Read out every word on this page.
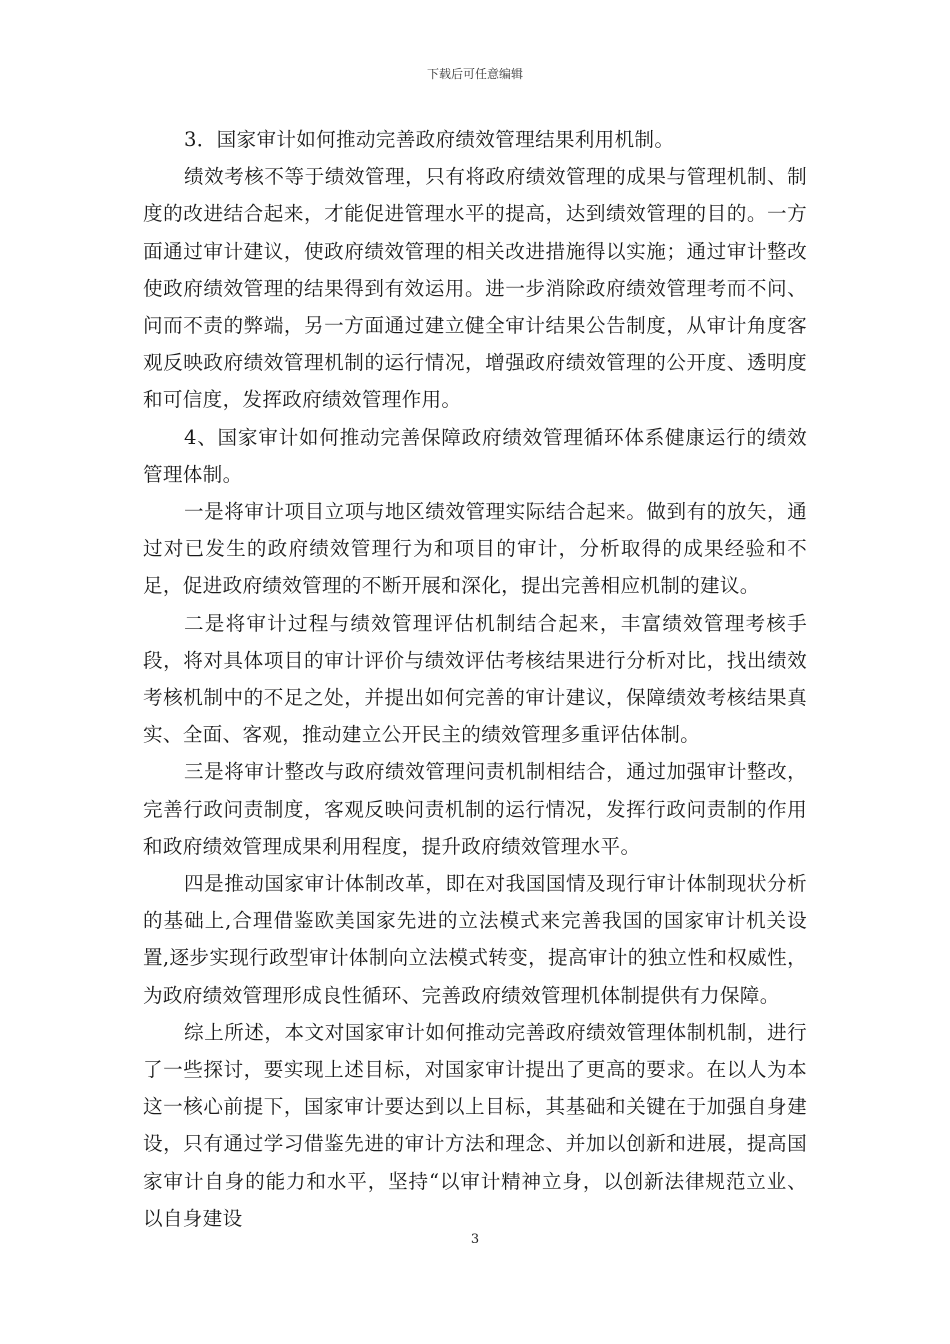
下载后可任意编辑

3．国家审计如何推动完善政府绩效管理结果利用机制。

绩效考核不等于绩效管理，只有将政府绩效管理的成果与管理机制、制度的改进结合起来，才能促进管理水平的提高，达到绩效管理的目的。一方面通过审计建议，使政府绩效管理的相关改进措施得以实施；通过审计整改使政府绩效管理的结果得到有效运用。进一步消除政府绩效管理考而不问、问而不责的弊端，另一方面通过建立健全审计结果公告制度，从审计角度客观反映政府绩效管理机制的运行情况，增强政府绩效管理的公开度、透明度和可信度，发挥政府绩效管理作用。

4、国家审计如何推动完善保障政府绩效管理循环体系健康运行的绩效管理体制。

一是将审计项目立项与地区绩效管理实际结合起来。做到有的放矢，通过对已发生的政府绩效管理行为和项目的审计，分析取得的成果经验和不足，促进政府绩效管理的不断开展和深化，提出完善相应机制的建议。

二是将审计过程与绩效管理评估机制结合起来，丰富绩效管理考核手段，将对具体项目的审计评价与绩效评估考核结果进行分析对比，找出绩效考核机制中的不足之处，并提出如何完善的审计建议，保障绩效考核结果真实、全面、客观，推动建立公开民主的绩效管理多重评估体制。

三是将审计整改与政府绩效管理问责机制相结合，通过加强审计整改，完善行政问责制度，客观反映问责机制的运行情况，发挥行政问责制的作用和政府绩效管理成果利用程度，提升政府绩效管理水平。

四是推动国家审计体制改革，即在对我国国情及现行审计体制现状分析的基础上,合理借鉴欧美国家先进的立法模式来完善我国的国家审计机关设置,逐步实现行政型审计体制向立法模式转变，提高审计的独立性和权威性，为政府绩效管理形成良性循环、完善政府绩效管理机体制提供有力保障。

综上所述，本文对国家审计如何推动完善政府绩效管理体制机制，进行了一些探讨，要实现上述目标，对国家审计提出了更高的要求。在以人为本这一核心前提下，国家审计要达到以上目标，其基础和关键在于加强自身建设，只有通过学习借鉴先进的审计方法和理念、并加以创新和进展，提高国家审计自身的能力和水平，坚持“以审计精神立身，以创新法律规范立业、以自身建设

3
